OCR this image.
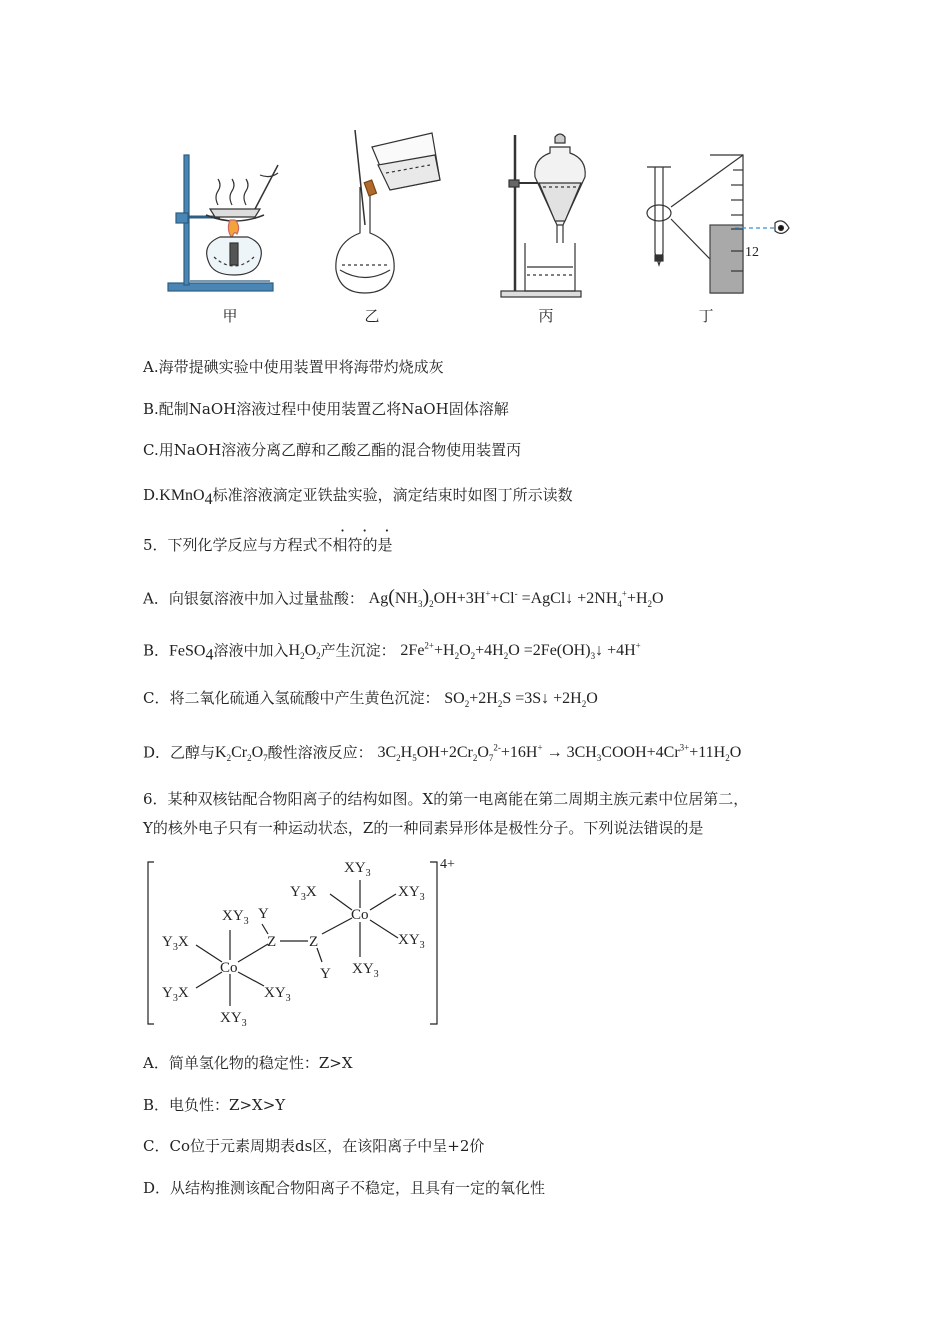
12
甲	乙	丙	丁
A.海带提碘实验中使用装置甲将海带灼烧成灰
B.配制NaOH溶液过程中使用装置乙将NaOH固体溶解
C.用NaOH溶液分离乙醇和乙酸乙酯的混合物使用装置丙
D.KMnO$_4$标准溶液滴定亚铁盐实验，滴定结束时如图丁所示读数
· · ·
5．下列化学反应与方程式不相符的是
A．向银氨溶液中加入过量盐酸： $Ag(NH_3)_2OH+3H^++Cl^-$ =AgCl↓ $+2NH_4^++H_2O$
B．FeSO$_4$溶液中加入$H_2O_2$产生沉淀： $2Fe^{2+}+H_2O_2+4H_2O$ $=2Fe(OH)_3↓ +4H^+$
C．将二氧化硫通入氢硫酸中产生黄色沉淀： $SO_2+2H_2S$ =3S↓ $+2H_2O$
D．乙醇与$K_2Cr_2O_7$酸性溶液反应： $3C_2H_5OH+2Cr_2O_7^{2-}+16H^+$ → $3CH_3COOH+4Cr^{3+}+11H_2O$
6．某种双核钴配合物阳离子的结构如图。X的第一电离能在第二周期主族元素中位居第二，
Y的核外电子只有一种运动状态，Z的一种同素异形体是极性分子。下列说法错误的是
$XY_3$
$Y_3X$	$XY_3$
Co
$XY_3$
$XY_3$
Y
$XY_3$
Z Z
Y
$Y_3X$
Co
$Y_3X$	$XY_3$
$XY_3$
4+
A．简单氢化物的稳定性：Z>X
B．电负性：Z>X>Y
C．Co位于元素周期表ds区，在该阳离子中呈+2价
D．从结构推测该配合物阳离子不稳定，且具有一定的氧化性
